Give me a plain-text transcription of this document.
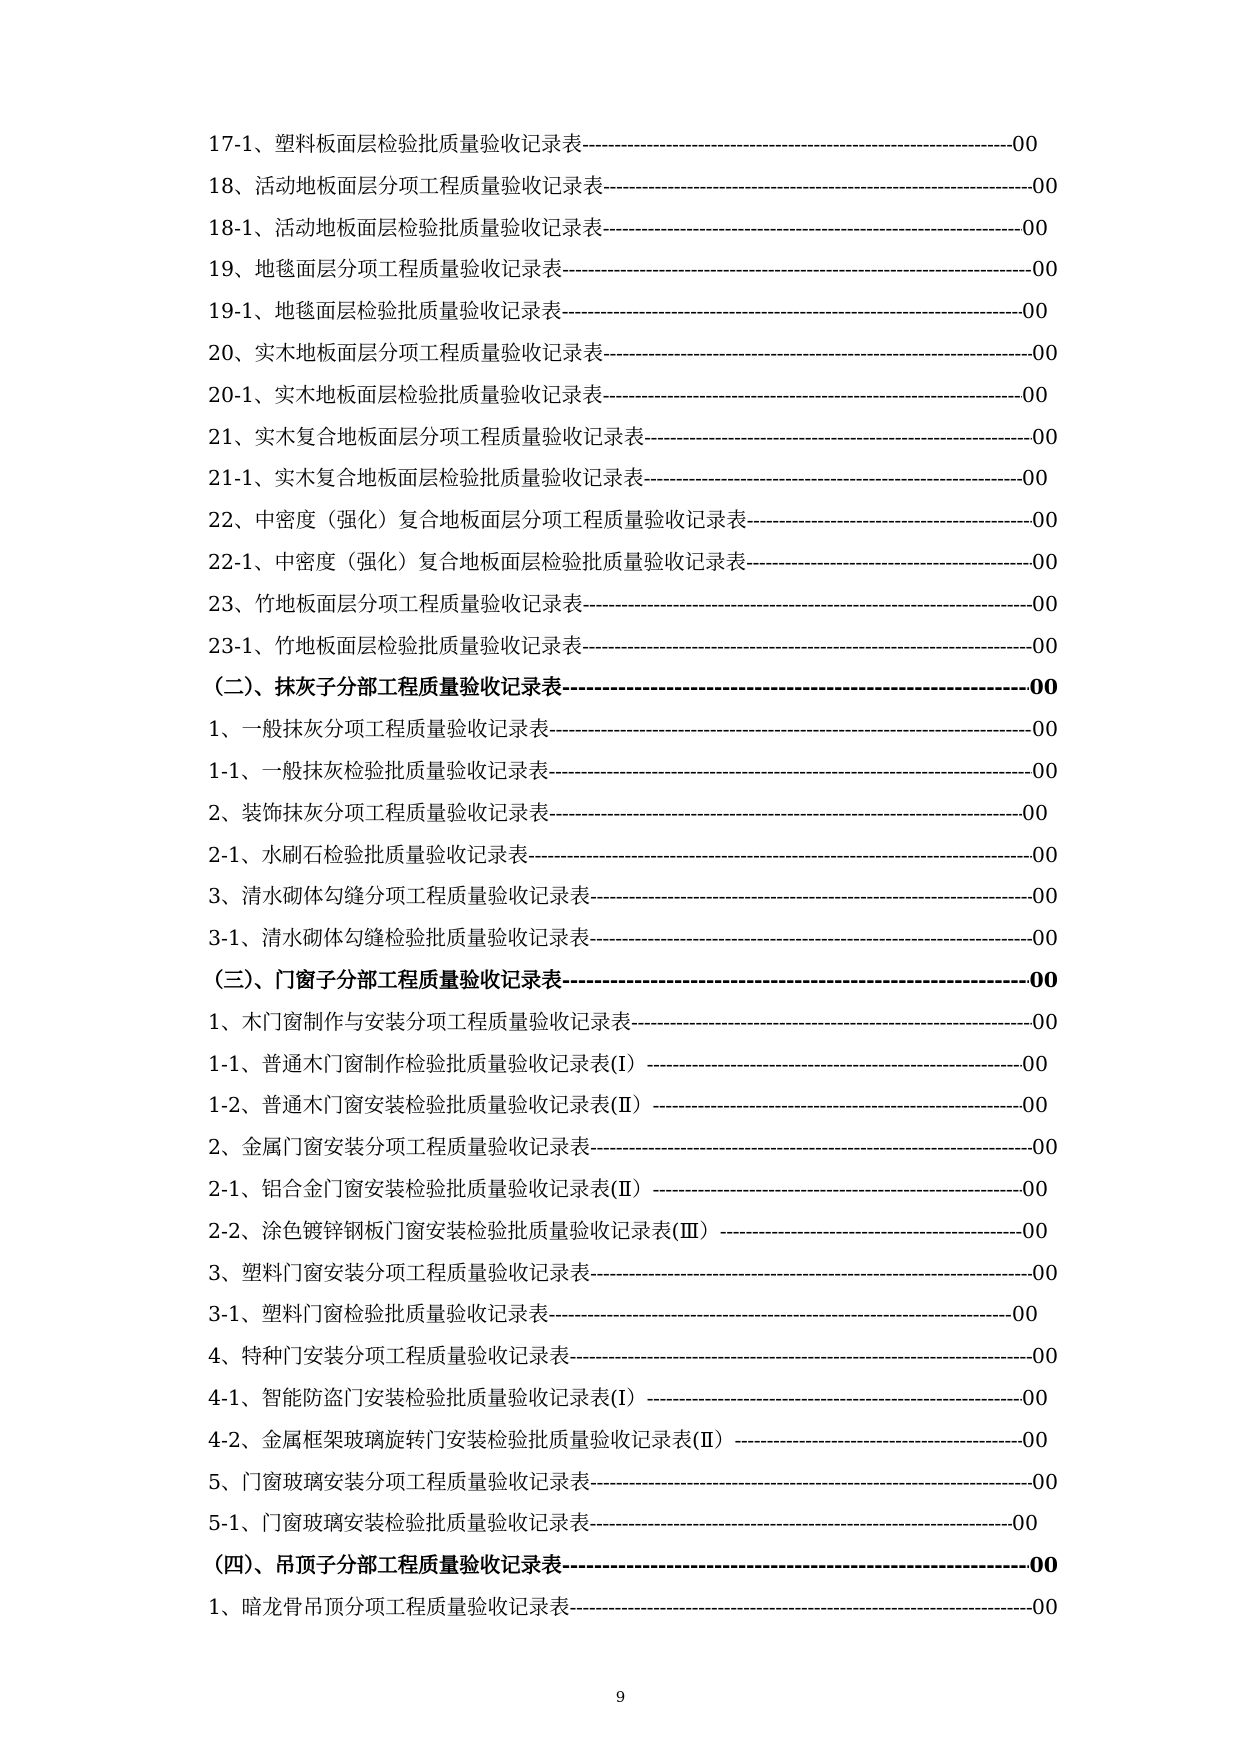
17-1、塑料板面层检验批质量验收记录表 -----	00
18、活动地板面层分项工程质量验收记录表 -----	00
18-1、活动地板面层检验批质量验收记录表 -----	00
19、地毯面层分项工程质量验收记录表 -----	00
19-1、地毯面层检验批质量验收记录表 -----	00
20、实木地板面层分项工程质量验收记录表 -----	00
20-1、实木地板面层检验批质量验收记录表 -----	00
21、实木复合地板面层分项工程质量验收记录表 -----	00
21-1、实木复合地板面层检验批质量验收记录表 -----	00
22、中密度（强化）复合地板面层分项工程质量验收记录表 -----	00
22-1、中密度（强化）复合地板面层检验批质量验收记录表 -----	00
23、竹地板面层分项工程质量验收记录表 -----	00
23-1、竹地板面层检验批质量验收记录表 -----	00
（二）、抹灰子分部工程质量验收记录表 -----	00
1、一般抹灰分项工程质量验收记录表 -----	00
1-1、一般抹灰检验批质量验收记录表 -----	00
2、装饰抹灰分项工程质量验收记录表 -----	00
2-1、水刷石检验批质量验收记录表 -----	00
3、清水砌体勾缝分项工程质量验收记录表 -----	00
3-1、清水砌体勾缝检验批质量验收记录表 -----	00
（三）、门窗子分部工程质量验收记录表 -----	00
1、木门窗制作与安装分项工程质量验收记录表 -----	00
1-1、普通木门窗制作检验批质量验收记录表(Ⅰ） -----	00
1-2、普通木门窗安装检验批质量验收记录表(Ⅱ） -----	00
2、金属门窗安装分项工程质量验收记录表 -----	00
2-1、铝合金门窗安装检验批质量验收记录表(Ⅱ） -----	00
2-2、涂色镀锌钢板门窗安装检验批质量验收记录表(Ⅲ） -----	00
3、塑料门窗安装分项工程质量验收记录表 -----	00
3-1、塑料门窗检验批质量验收记录表 -----	00
4、特种门安装分项工程质量验收记录表 -----	00
4-1、智能防盗门安装检验批质量验收记录表(Ⅰ） -----	00
4-2、金属框架玻璃旋转门安装检验批质量验收记录表(Ⅱ） -----	00
5、门窗玻璃安装分项工程质量验收记录表 -----	00
5-1、门窗玻璃安装检验批质量验收记录表 -----	00
（四）、吊顶子分部工程质量验收记录表 -----	00
1、暗龙骨吊顶分项工程质量验收记录表 -----	00
9
